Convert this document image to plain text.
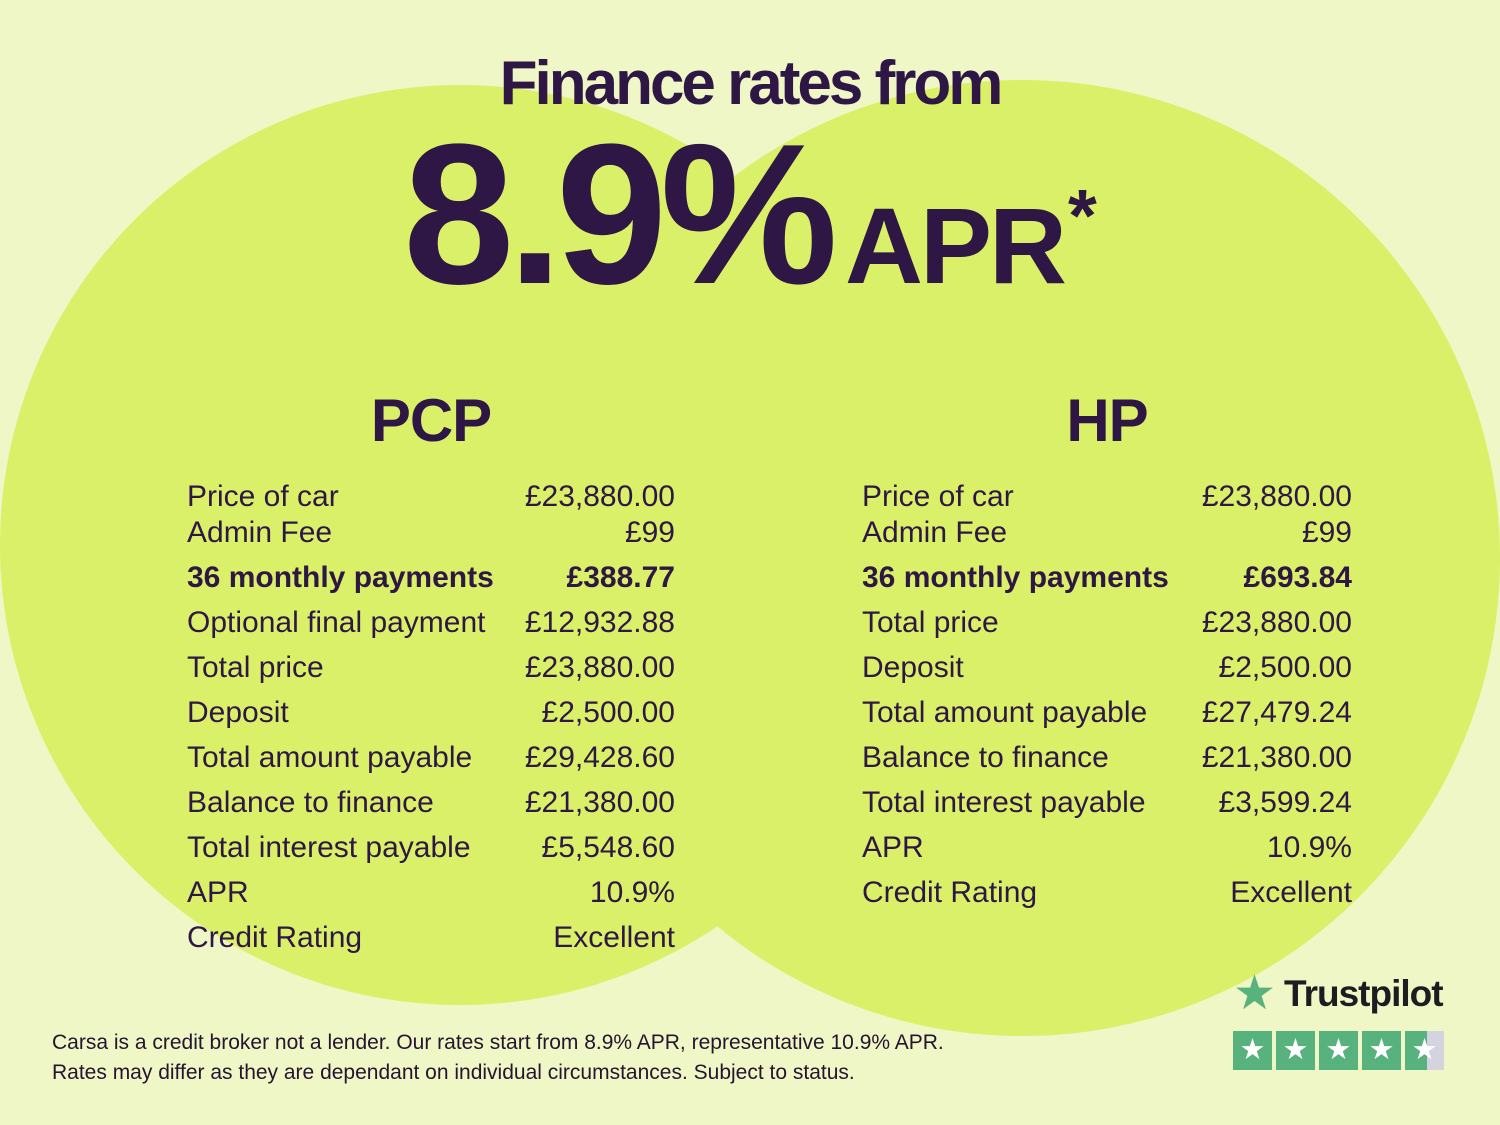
Finance rates from
8.9% APR *
PCP
Price of car	£23,880.00
Admin Fee	£99
36 monthly payments £388.77
Optional final payment £12,932.88
Total price	£23,880.00
Deposit	£2,500.00
Total amount payable £29,428.60
Balance to finance	£21,380.00
Total interest payable £5,548.60
APR	10.9%
Credit Rating	Excellent
HP
Price of car	£23,880.00
Admin Fee	£99
36 monthly payments £693.84
Total price	£23,880.00
Deposit	£2,500.00
Total amount payable £27,479.24
Balance to finance	£21,380.00
Total interest payable £3,599.24
APR	10.9%
Credit Rating	Excellent
Carsa is a credit broker not a lender. Our rates start from 8.9% APR, representative 10.9% APR.
Rates may differ as they are dependant on individual circumstances. Subject to status.
★ Trustpilot
★ ★ ★ ★ ★
